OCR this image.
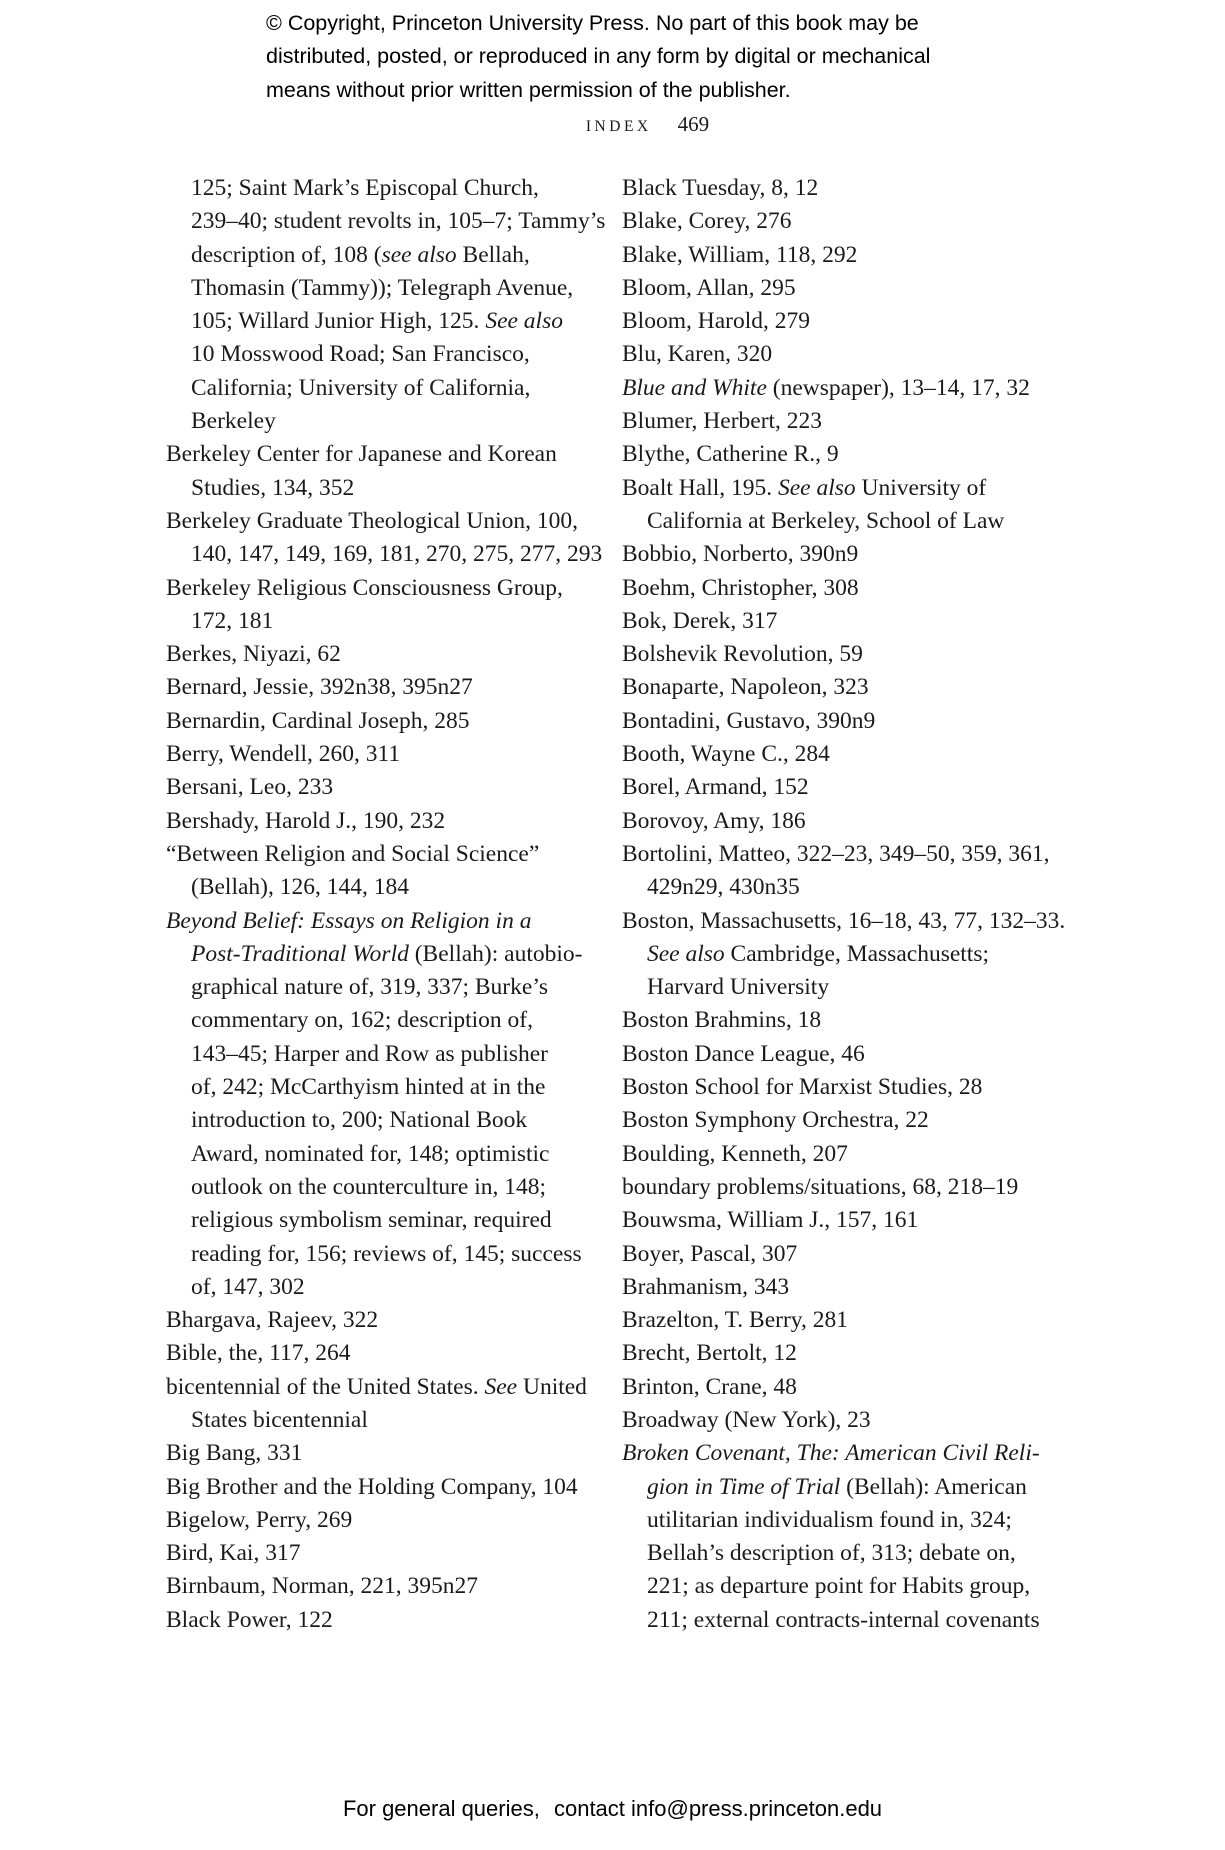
© Copyright, Princeton University Press. No part of this book may be
distributed, posted, or reproduced in any form by digital or mechanical
means without prior written permission of the publisher.
INDEX 469
125; Saint Mark’s Episcopal Church,
239–40; student revolts in, 105–7; Tammy’s
description of, 108 (see also Bellah,
Thomasin (Tammy)); Telegraph Avenue,
105; Willard Junior High, 125. See also
10 Mosswood Road; San Francisco,
California; University of California,
Berkeley
Berkeley Center for Japanese and Korean
Studies, 134, 352
Berkeley Graduate Theological Union, 100,
140, 147, 149, 169, 181, 270, 275, 277, 293
Berkeley Religious Consciousness Group,
172, 181
Berkes, Niyazi, 62
Bernard, Jessie, 392n38, 395n27
Bernardin, Cardinal Joseph, 285
Berry, Wendell, 260, 311
Bersani, Leo, 233
Bershady, Harold J., 190, 232
“Between Religion and Social Science”
(Bellah), 126, 144, 184
Beyond Belief: Essays on Religion in a
Post-Traditional World (Bellah): autobio-
graphical nature of, 319, 337; Burke’s
commentary on, 162; description of,
143–45; Harper and Row as publisher
of, 242; McCarthyism hinted at in the
introduction to, 200; National Book
Award, nominated for, 148; optimistic
outlook on the counterculture in, 148;
religious symbolism seminar, required
reading for, 156; reviews of, 145; success
of, 147, 302
Bhargava, Rajeev, 322
Bible, the, 117, 264
bicentennial of the United States. See United
States bicentennial
Big Bang, 331
Big Brother and the Holding Company, 104
Bigelow, Perry, 269
Bird, Kai, 317
Birnbaum, Norman, 221, 395n27
Black Power, 122
Black Tuesday, 8, 12
Blake, Corey, 276
Blake, William, 118, 292
Bloom, Allan, 295
Bloom, Harold, 279
Blu, Karen, 320
Blue and White (newspaper), 13–14, 17, 32
Blumer, Herbert, 223
Blythe, Catherine R., 9
Boalt Hall, 195. See also University of
California at Berkeley, School of Law
Bobbio, Norberto, 390n9
Boehm, Christopher, 308
Bok, Derek, 317
Bolshevik Revolution, 59
Bonaparte, Napoleon, 323
Bontadini, Gustavo, 390n9
Booth, Wayne C., 284
Borel, Armand, 152
Borovoy, Amy, 186
Bortolini, Matteo, 322–23, 349–50, 359, 361,
429n29, 430n35
Boston, Massachusetts, 16–18, 43, 77, 132–33.
See also Cambridge, Massachusetts;
Harvard University
Boston Brahmins, 18
Boston Dance League, 46
Boston School for Marxist Studies, 28
Boston Symphony Orchestra, 22
Boulding, Kenneth, 207
boundary problems/situations, 68, 218–19
Bouwsma, William J., 157, 161
Boyer, Pascal, 307
Brahmanism, 343
Brazelton, T. Berry, 281
Brecht, Bertolt, 12
Brinton, Crane, 48
Broadway (New York), 23
Broken Covenant, The: American Civil Reli-
gion in Time of Trial (Bellah): American
utilitarian individualism found in, 324;
Bellah’s description of, 313; debate on,
221; as departure point for Habits group,
211; external contracts-internal covenants
For general queries, contact info@press.princeton.edu
